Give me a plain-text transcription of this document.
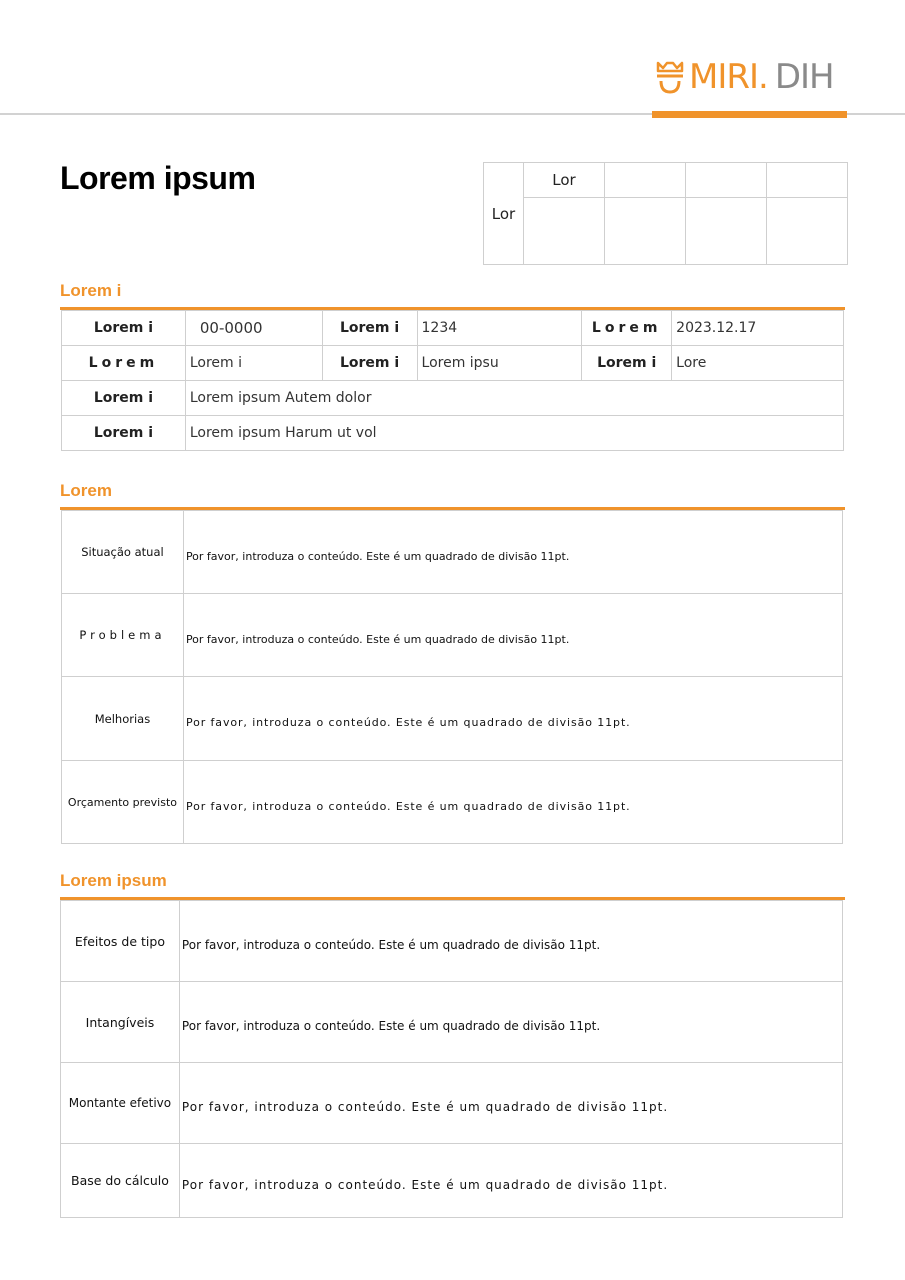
MIRI . DIH
Lorem ipsum
Lor	Lor			

Lorem i
Lorem i	00-0000	Lorem i	1234	Lorem	2023.12.17
Lorem	Lorem i	Lorem i	Lorem ipsu	Lorem i	Lore
Lorem i	Lorem ipsum Autem dolor				
Lorem i	Lorem ipsum Harum ut vol				
Lorem
Situação atual	Por favor, introduza o conteúdo. Este é um quadrado de divisão 11pt.
Problema	Por favor, introduza o conteúdo. Este é um quadrado de divisão 11pt.
Melhorias	Por favor, introduza o conteúdo. Este é um quadrado de divisão 11pt.
Orçamento previsto	Por favor, introduza o conteúdo. Este é um quadrado de divisão 11pt.
Lorem ipsum
Efeitos de tipo	Por favor, introduza o conteúdo. Este é um quadrado de divisão 11pt.
Intangíveis	Por favor, introduza o conteúdo. Este é um quadrado de divisão 11pt.
Montante efetivo	Por favor, introduza o conteúdo. Este é um quadrado de divisão 11pt.
Base do cálculo	Por favor, introduza o conteúdo. Este é um quadrado de divisão 11pt.
